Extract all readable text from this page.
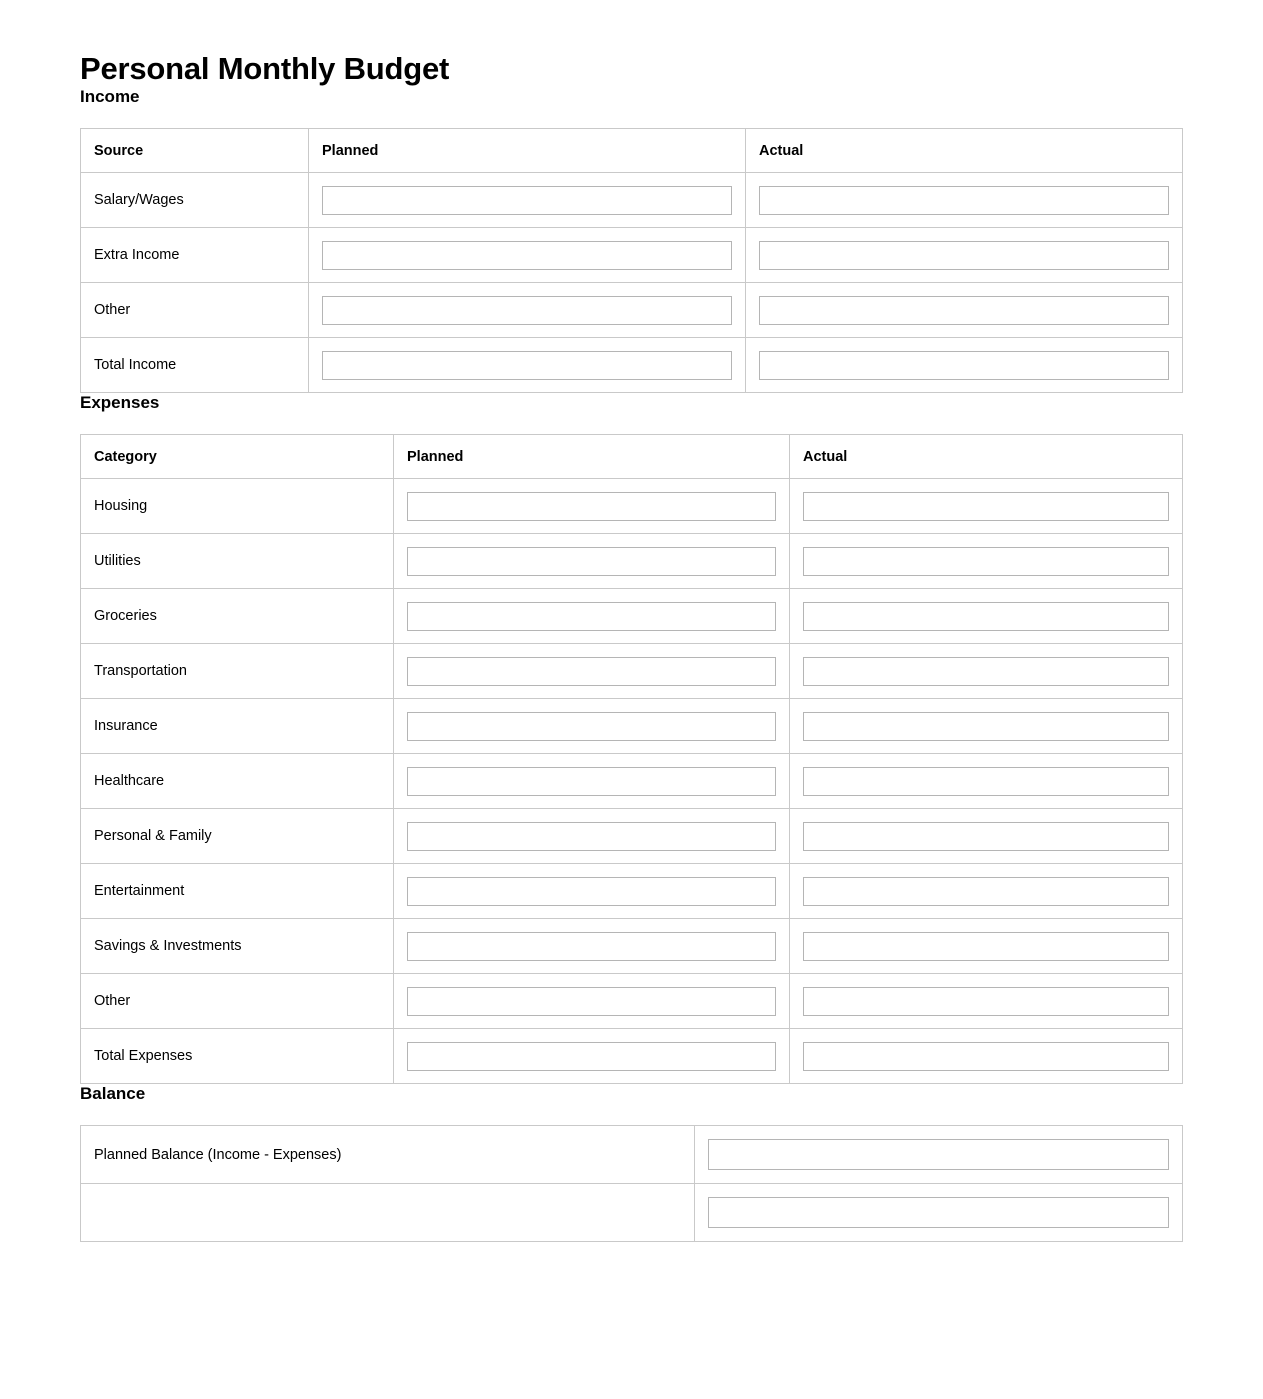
Personal Monthly Budget
Income
Source	Planned	Actual
Salary/Wages	

Extra Income	

Other	

Total Income	

Expenses
Category	Planned	Actual
Housing	

Utilities	

Groceries	

Transportation	

Insurance	

Healthcare	

Personal & Family	

Entertainment	

Savings & Investments	

Other	

Total Expenses	

Balance
Planned Balance (Income - Expenses)	
